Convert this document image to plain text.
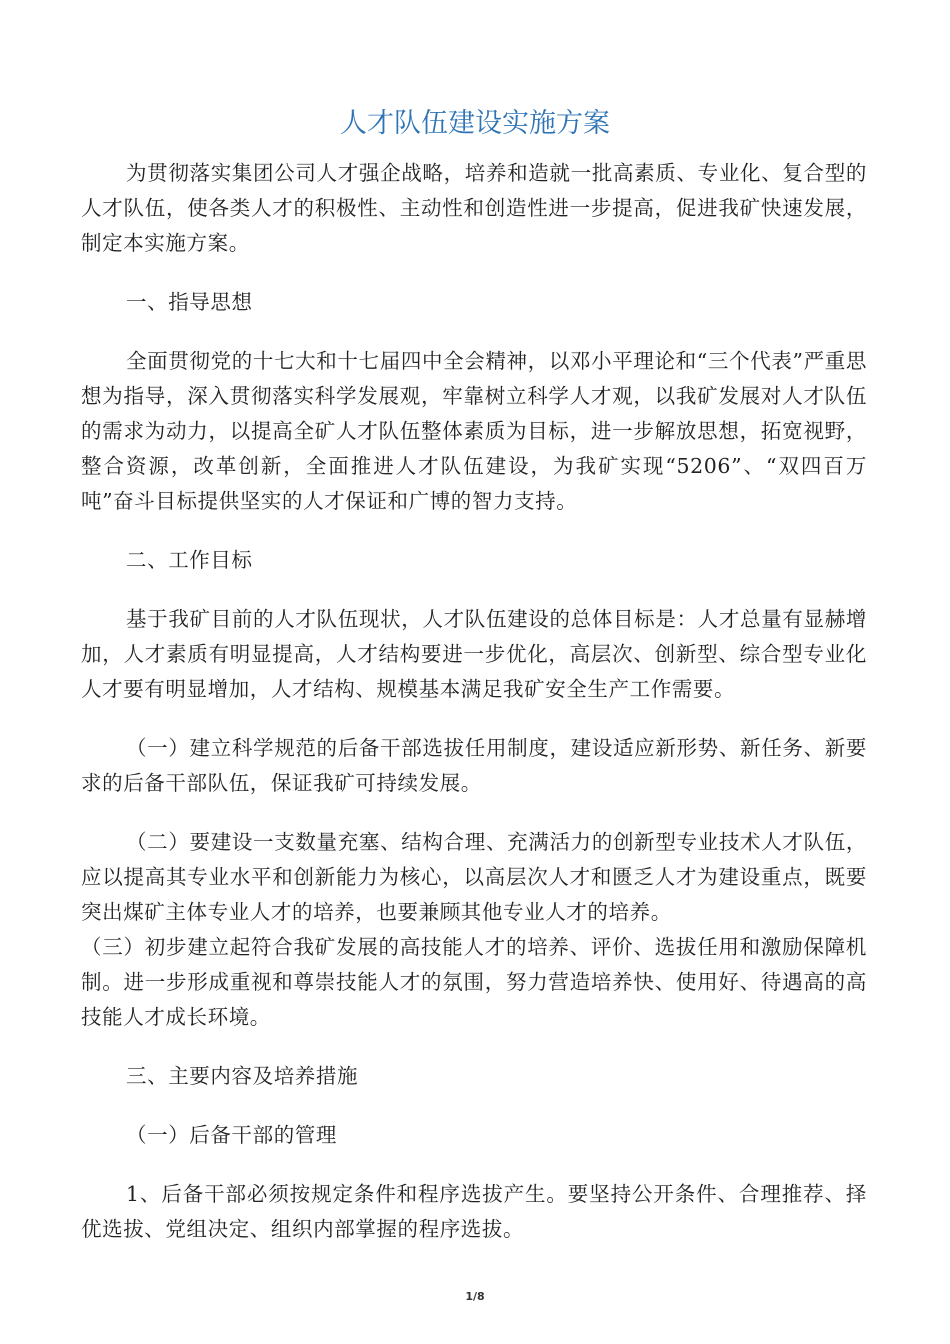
人才队伍建设实施方案

为贯彻落实集团公司人才强企战略，培养和造就一批高素质、专业化、复合型的人才队伍，使各类人才的积极性、主动性和创造性进一步提高，促进我矿快速发展，制定本实施方案。

一、指导思想

全面贯彻党的十七大和十七届四中全会精神，以邓小平理论和“三个代表”严重思想为指导，深入贯彻落实科学发展观，牢靠树立科学人才观，以我矿发展对人才队伍的需求为动力，以提高全矿人才队伍整体素质为目标，进一步解放思想，拓宽视野，整合资源，改革创新，全面推进人才队伍建设，为我矿实现“5206”、“双四百万吨”奋斗目标提供坚实的人才保证和广博的智力支持。

二、工作目标

基于我矿目前的人才队伍现状，人才队伍建设的总体目标是：人才总量有显赫增加，人才素质有明显提高，人才结构要进一步优化，高层次、创新型、综合型专业化人才要有明显增加，人才结构、规模基本满足我矿安全生产工作需要。

（一）建立科学规范的后备干部选拔任用制度，建设适应新形势、新任务、新要求的后备干部队伍，保证我矿可持续发展。

（二）要建设一支数量充塞、结构合理、充满活力的创新型专业技术人才队伍，应以提高其专业水平和创新能力为核心，以高层次人才和匮乏人才为建设重点，既要突出煤矿主体专业人才的培养，也要兼顾其他专业人才的培养。

（三）初步建立起符合我矿发展的高技能人才的培养、评价、选拔任用和激励保障机制。进一步形成重视和尊崇技能人才的氛围，努力营造培养快、使用好、待遇高的高技能人才成长环境。

三、主要内容及培养措施

（一）后备干部的管理

1、后备干部必须按规定条件和程序选拔产生。要坚持公开条件、合理推荐、择优选拔、党组决定、组织内部掌握的程序选拔。

1/8
